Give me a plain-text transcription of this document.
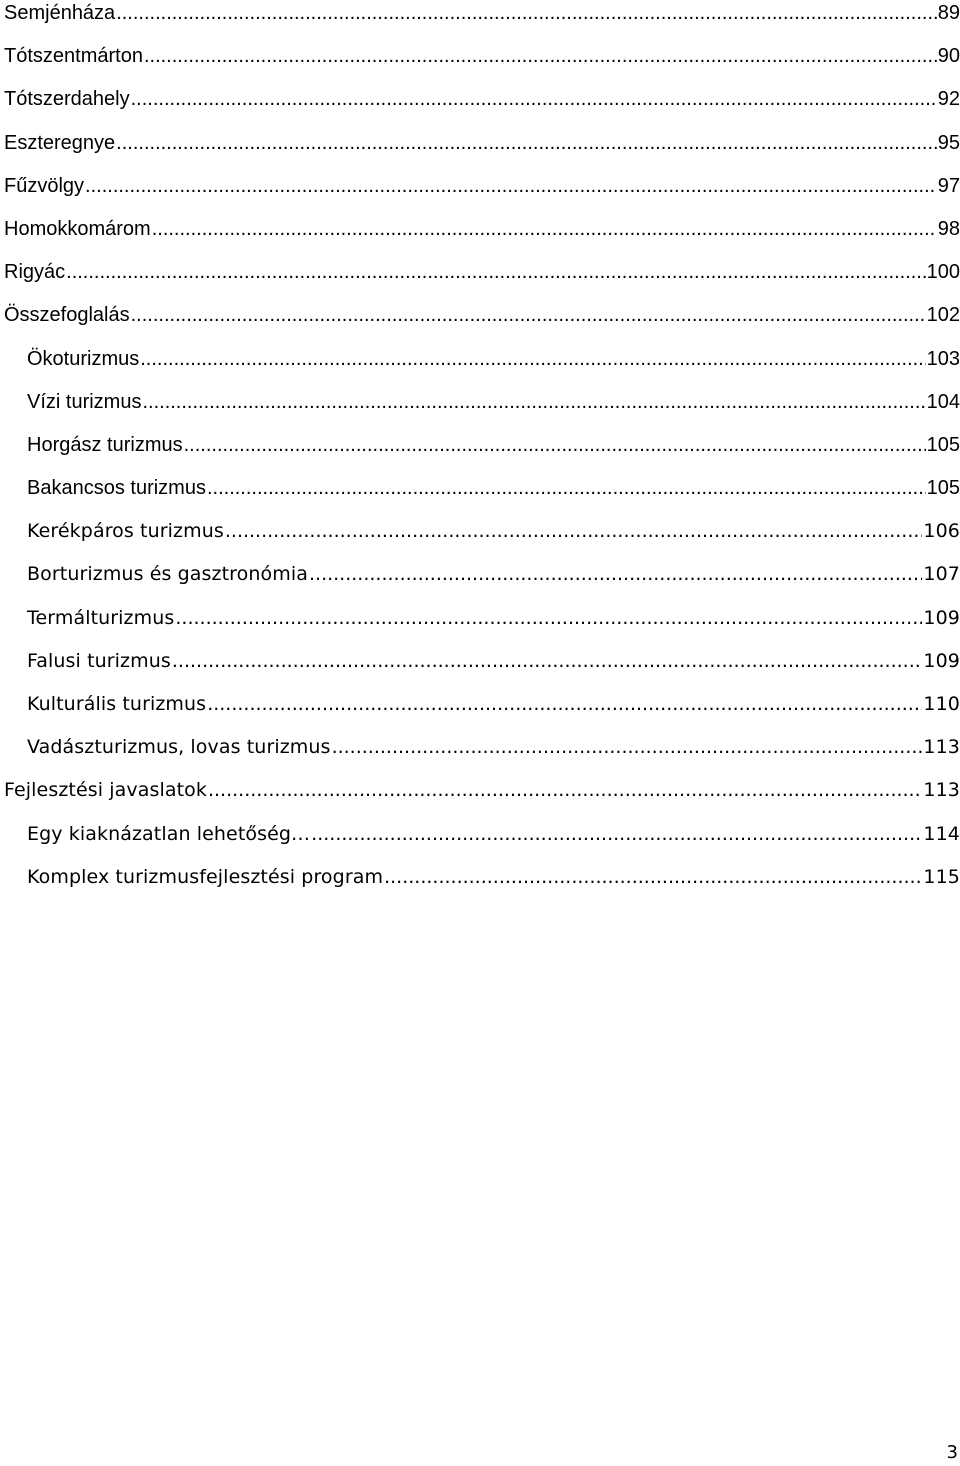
Semjénháza .....	89
Tótszentmárton .....	90
Tótszerdahely .....	92
Eszteregnye .....	95
Fűzvölgy .....	97
Homokkomárom .....	98
Rigyác .....	100
Összefoglalás .....	102
Ökoturizmus .....	103
Vízi turizmus .....	104
Horgász turizmus .....	105
Bakancsos turizmus .....	105
Kerékpáros turizmus .....	106
Borturizmus és gasztronómia .....	107
Termálturizmus .....	109
Falusi turizmus .....	109
Kulturális turizmus .....	110
Vadászturizmus, lovas turizmus .....	113
Fejlesztési javaslatok .....	113
Egy kiaknázatlan lehetőség… .....	114
Komplex turizmusfejlesztési program .....	115
3
